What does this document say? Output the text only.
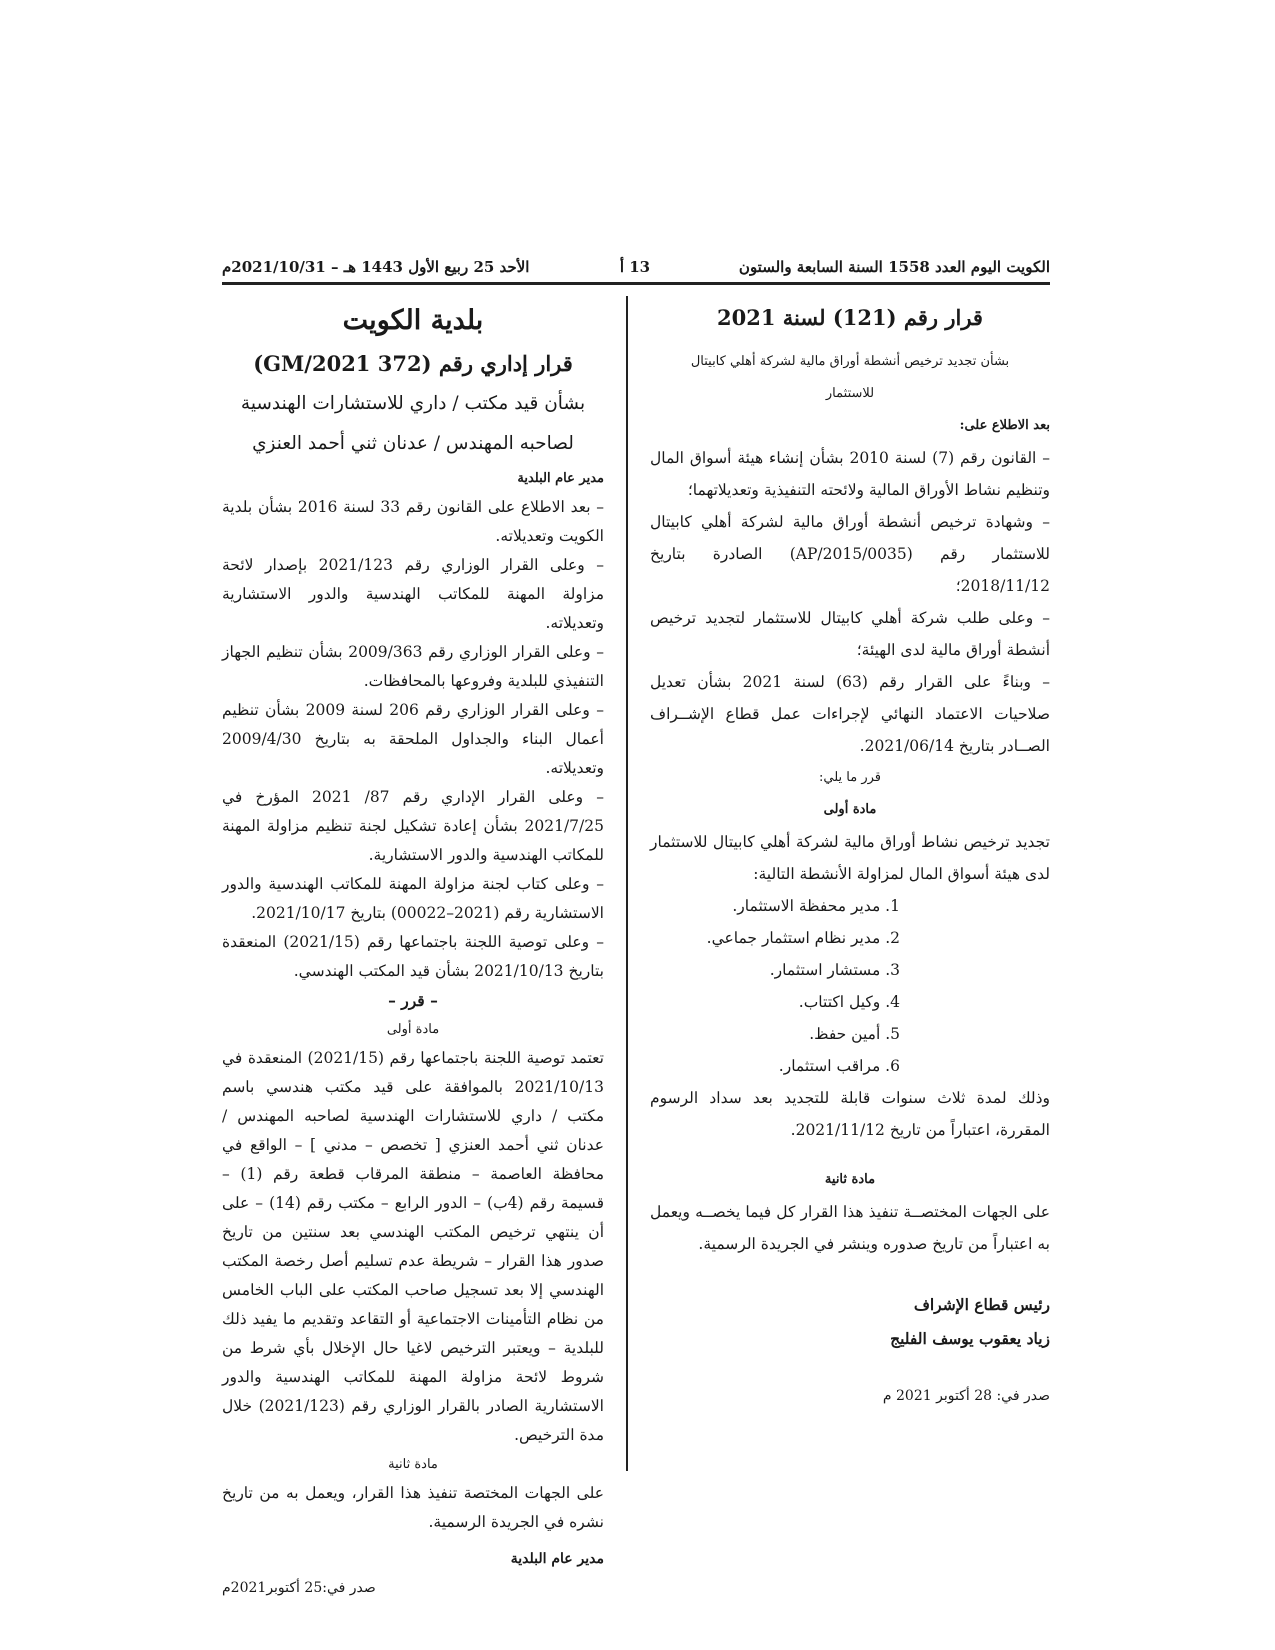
الكويت اليوم العدد 1558 السنة السابعة والستون
13 أ
الأحد 25 ربيع الأول 1443 هـ – 2021/10/31م
قرار رقم (121) لسنة 2021
بشأن تجديد ترخيص أنشطة أوراق مالية لشركة أهلي كابيتال
للاستثمار
بعد الاطلاع على:

– القانون رقم (7) لسنة 2010 بشأن إنشاء هيئة أسواق المال وتنظيم نشاط الأوراق المالية ولائحته التنفيذية وتعديلاتهما؛

– وشهادة ترخيص أنشطة أوراق مالية لشركة أهلي كابيتال للاستثمار رقم (AP/2015/0035) الصادرة بتاريخ 2018/11/12؛

– وعلى طلب شركة أهلي كابيتال للاستثمار لتجديد ترخيص أنشطة أوراق مالية لدى الهيئة؛

– وبناءً على القرار رقم (63) لسنة 2021 بشأن تعديل صلاحيات الاعتماد النهائي لإجراءات عمل قطاع الإشــراف الصــادر بتاريخ 2021/06/14.

قرر ما يلي:
مادة أولى

تجديد ترخيص نشاط أوراق مالية لشركة أهلي كابيتال للاستثمار لدى هيئة أسواق المال لمزاولة الأنشطة التالية:

1. مدير محفظة الاستثمار.
2. مدير نظام استثمار جماعي.
3. مستشار استثمار.
4. وكيل اكتتاب.
5. أمين حفظ.
6. مراقب استثمار.

وذلك لمدة ثلاث سنوات قابلة للتجديد بعد سداد الرسوم المقررة، اعتباراً من تاريخ 2021/11/12.

مادة ثانية

على الجهات المختصــة تنفيذ هذا القرار كل فيما يخصــه ويعمل به اعتباراً من تاريخ صدوره وينشر في الجريدة الرسمية.

رئيس قطاع الإشراف
زياد يعقوب يوسف الفليج
صدر في: 28 أكتوبر 2021 م
بلدية الكويت
قرار إداري رقم (372 GM/2021)
بشأن قيد مكتب / داري للاستشارات الهندسية
لصاحبه المهندس / عدنان ثني أحمد العنزي
مدير عام البلدية

– بعد الاطلاع على القانون رقم 33 لسنة 2016 بشأن بلدية الكويت وتعديلاته.

– وعلى القرار الوزاري رقم 2021/123 بإصدار لائحة مزاولة المهنة للمكاتب الهندسية والدور الاستشارية وتعديلاته.

– وعلى القرار الوزاري رقم 2009/363 بشأن تنظيم الجهاز التنفيذي للبلدية وفروعها بالمحافظات.

– وعلى القرار الوزاري رقم 206 لسنة 2009 بشأن تنظيم أعمال البناء والجداول الملحقة به بتاريخ 2009/4/30 وتعديلاته.

– وعلى القرار الإداري رقم 87/ 2021 المؤرخ في 2021/7/25 بشأن إعادة تشكيل لجنة تنظيم مزاولة المهنة للمكاتب الهندسية والدور الاستشارية.

– وعلى كتاب لجنة مزاولة المهنة للمكاتب الهندسية والدور الاستشارية رقم (2021–00022) بتاريخ 2021/10/17.

– وعلى توصية اللجنة باجتماعها رقم (2021/15) المنعقدة بتاريخ 2021/10/13 بشأن قيد المكتب الهندسي.

– قرر –
مادة أولى

تعتمد توصية اللجنة باجتماعها رقم (2021/15) المنعقدة في 2021/10/13 بالموافقة على قيد مكتب هندسي باسم مكتب / داري للاستشارات الهندسية لصاحبه المهندس / عدنان ثني أحمد العنزي [ تخصص – مدني ] – الواقع في محافظة العاصمة – منطقة المرقاب قطعة رقم (1) – قسيمة رقم (4ب) – الدور الرابع – مكتب رقم (14) – على أن ينتهي ترخيص المكتب الهندسي بعد سنتين من تاريخ صدور هذا القرار – شريطة عدم تسليم أصل رخصة المكتب الهندسي إلا بعد تسجيل صاحب المكتب على الباب الخامس من نظام التأمينات الاجتماعية أو التقاعد وتقديم ما يفيد ذلك للبلدية – ويعتبر الترخيص لاغيا حال الإخلال بأي شرط من شروط لائحة مزاولة المهنة للمكاتب الهندسية والدور الاستشارية الصادر بالقرار الوزاري رقم (2021/123) خلال مدة الترخيص.

مادة ثانية

على الجهات المختصة تنفيذ هذا القرار، ويعمل به من تاريخ نشره في الجريدة الرسمية.

مدير عام البلدية
صدر في:25 أكتوبر2021م
